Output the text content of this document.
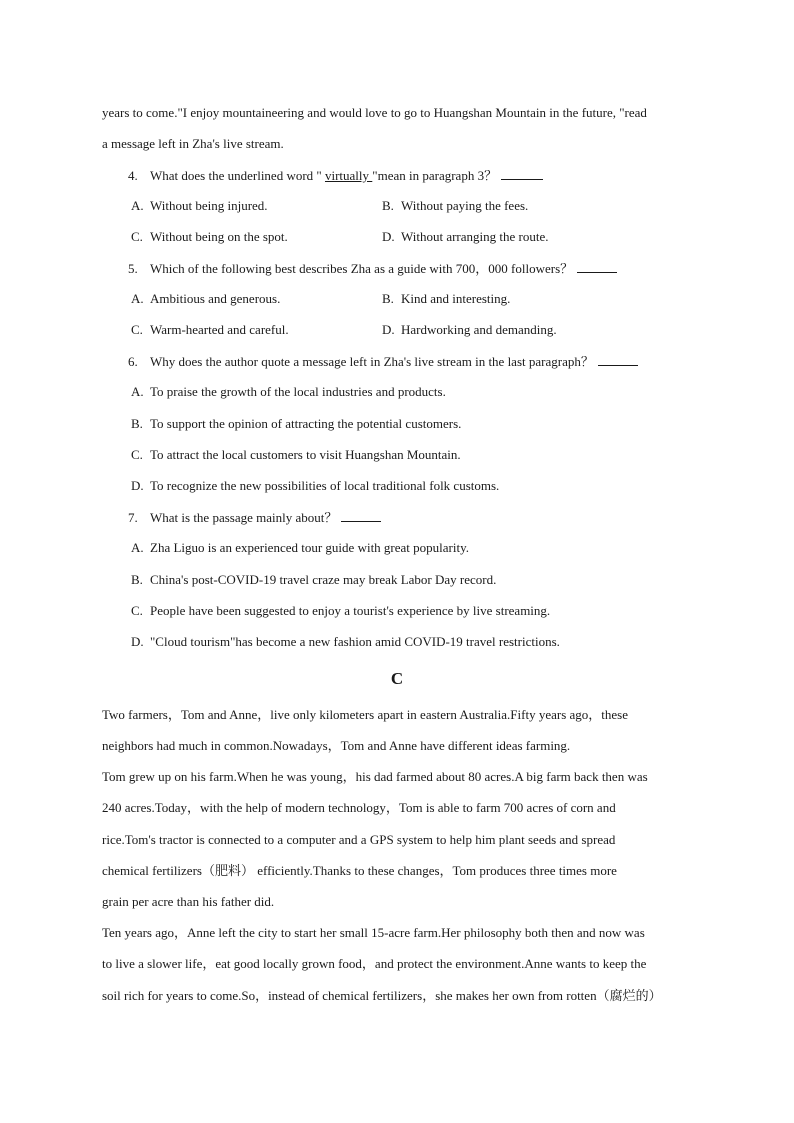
years to come."I enjoy mountaineering and would love to go to Huangshan Mountain in the future, "read
a message left in Zha's live stream.
4. What does the underlined word " virtually "mean in paragraph 3？
A. Without being injured.	B. Without paying the fees.
C. Without being on the spot.	D. Without arranging the route.
5. Which of the following best describes Zha as a guide with 700，000 followers？
A. Ambitious and generous.	B. Kind and interesting.
C. Warm-hearted and careful.	D. Hardworking and demanding.
6. Why does the author quote a message left in Zha's live stream in the last paragraph？
A. To praise the growth of the local industries and products.
B. To support the opinion of attracting the potential customers.
C. To attract the local customers to visit Huangshan Mountain.
D. To recognize the new possibilities of local traditional folk customs.
7. What is the passage mainly about？
A. Zha Liguo is an experienced tour guide with great popularity.
B. China's post-COVID-19 travel craze may break Labor Day record.
C. People have been suggested to enjoy a tourist's experience by live streaming.
D. "Cloud tourism"has become a new fashion amid COVID-19 travel restrictions.
C
Two farmers，Tom and Anne，live only kilometers apart in eastern Australia.Fifty years ago，these
neighbors had much in common.Nowadays，Tom and Anne have different ideas farming.
Tom grew up on his farm.When he was young，his dad farmed about 80 acres.A big farm back then was
240 acres.Today，with the help of modern technology，Tom is able to farm 700 acres of corn and
rice.Tom's tractor is connected to a computer and a GPS system to help him plant seeds and spread
chemical fertilizers（肥料） efficiently.Thanks to these changes，Tom produces three times more
grain per acre than his father did.
Ten years ago，Anne left the city to start her small 15-acre farm.Her philosophy both then and now was
to live a slower life，eat good locally grown food，and protect the environment.Anne wants to keep the
soil rich for years to come.So，instead of chemical fertilizers，she makes her own from rotten（腐烂的）
